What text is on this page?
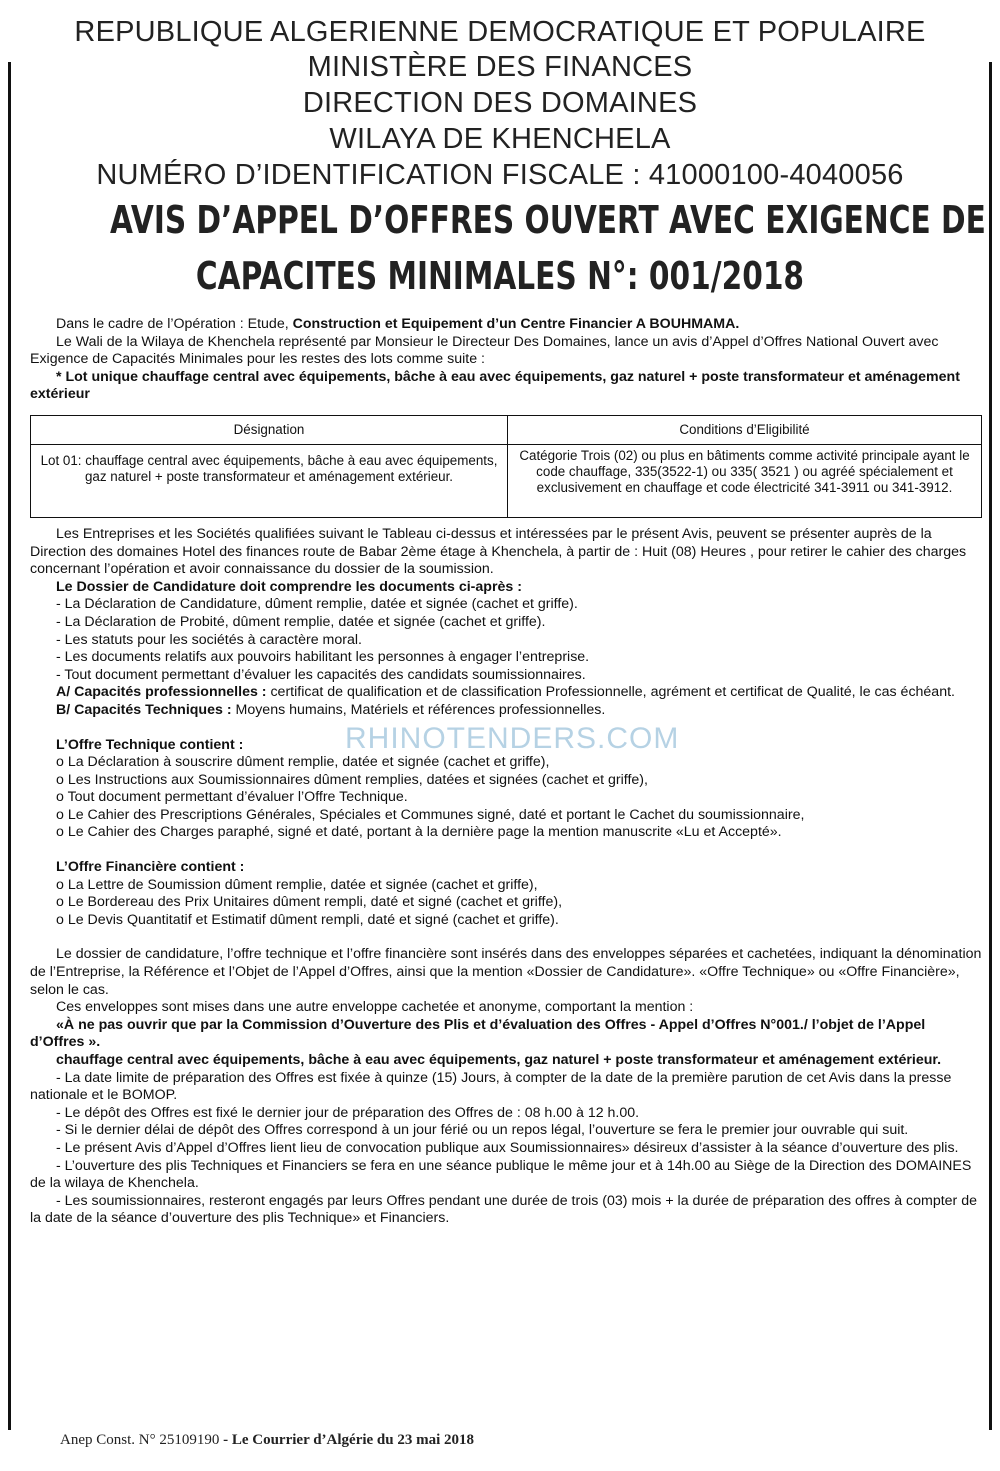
REPUBLIQUE ALGERIENNE DEMOCRATIQUE ET POPULAIRE
MINISTÈRE DES FINANCES
DIRECTION DES DOMAINES
WILAYA DE KHENCHELA
NUMÉRO D’IDENTIFICATION FISCALE : 41000100-4040056
AVIS D’APPEL D’OFFRES OUVERT AVEC EXIGENCE DE
CAPACITES MINIMALES N°: 001/2018

Dans le cadre de l’Opération : Etude, Construction et Equipement d’un Centre Financier A BOUHMAMA.

Le Wali de la Wilaya de Khenchela représenté par Monsieur le Directeur Des Domaines, lance un avis d’Appel d’Offres National Ouvert avec Exigence de Capacités Minimales pour les restes des lots comme suite :

* Lot unique chauffage central avec équipements, bâche à eau avec équipements, gaz naturel + poste transformateur et aménagement extérieur

Désignation	Conditions d’Eligibilité
Lot 01: chauffage central avec équipements, bâche à eau avec équipements, gaz naturel + poste transformateur et aménagement extérieur.	Catégorie Trois (02) ou plus en bâtiments comme activité principale ayant le code chauffage, 335(3522-1) ou 335( 3521 ) ou agréé spécialement et exclusivement en chauffage et code électricité 341-3911 ou 341-3912.

Les Entreprises et les Sociétés qualifiées suivant le Tableau ci-dessus et intéressées par le présent Avis, peuvent se présenter auprès de la Direction des domaines Hotel des finances route de Babar 2ème étage à Khenchela, à partir de : Huit (08) Heures , pour retirer le cahier des charges concernant l’opération et avoir connaissance du dossier de la soumission.

Le Dossier de Candidature doit comprendre les documents ci-après :

- La Déclaration de Candidature, dûment remplie, datée et signée (cachet et griffe).

- La Déclaration de Probité, dûment remplie, datée et signée (cachet et griffe).

- Les statuts pour les sociétés à caractère moral.

- Les documents relatifs aux pouvoirs habilitant les personnes à engager l’entreprise.

- Tout document permettant d’évaluer les capacités des candidats soumissionnaires.

A/ Capacités professionnelles : certificat de qualification et de classification Professionnelle, agrément et certificat de Qualité, le cas échéant.

B/ Capacités Techniques : Moyens humains, Matériels et références professionnelles.

L’Offre Technique contient :

o La Déclaration à souscrire dûment remplie, datée et signée (cachet et griffe),

o Les Instructions aux Soumissionnaires dûment remplies, datées et signées (cachet et griffe),

o Tout document permettant d’évaluer l’Offre Technique.

o Le Cahier des Prescriptions Générales, Spéciales et Communes signé, daté et portant le Cachet du soumissionnaire,

o Le Cahier des Charges paraphé, signé et daté, portant à la dernière page la mention manuscrite «Lu et Accepté».

L’Offre Financière contient :

o La Lettre de Soumission dûment remplie, datée et signée (cachet et griffe),

o Le Bordereau des Prix Unitaires dûment rempli, daté et signé (cachet et griffe),

o Le Devis Quantitatif et Estimatif dûment rempli, daté et signé (cachet et griffe).

Le dossier de candidature, l’offre technique et l’offre financière sont insérés dans des enveloppes séparées et cachetées, indiquant la dénomination de l’Entreprise, la Référence et l’Objet de l’Appel d’Offres, ainsi que la mention «Dossier de Candidature». «Offre Technique» ou «Offre Financière», selon le cas.

Ces enveloppes sont mises dans une autre enveloppe cachetée et anonyme, comportant la mention :

«À ne pas ouvrir que par la Commission d’Ouverture des Plis et d’évaluation des Offres - Appel d’Offres N°001./ l’objet de l’Appel d’Offres ».

chauffage central avec équipements, bâche à eau avec équipements, gaz naturel + poste transformateur et aménagement extérieur.

- La date limite de préparation des Offres est fixée à quinze (15) Jours, à compter de la date de la première parution de cet Avis dans la presse nationale et le BOMOP.

- Le dépôt des Offres est fixé le dernier jour de préparation des Offres de : 08 h.00 à 12 h.00.

- Si le dernier délai de dépôt des Offres correspond à un jour férié ou un repos légal, l’ouverture se fera le premier jour ouvrable qui suit.

- Le présent Avis d’Appel d’Offres lient lieu de convocation publique aux Soumissionnaires» désireux d’assister à la séance d’ouverture des plis.

- L’ouverture des plis Techniques et Financiers se fera en une séance publique le même jour et à 14h.00 au Siège de la Direction des DOMAINES de la wilaya de Khenchela.

- Les soumissionnaires, resteront engagés par leurs Offres pendant une durée de trois (03) mois + la durée de préparation des offres à compter de la date de la séance d’ouverture des plis Technique» et Financiers.

RHINOTENDERS.COM
Anep Const. N° 25109190 - Le Courrier d’Algérie du 23 mai 2018
